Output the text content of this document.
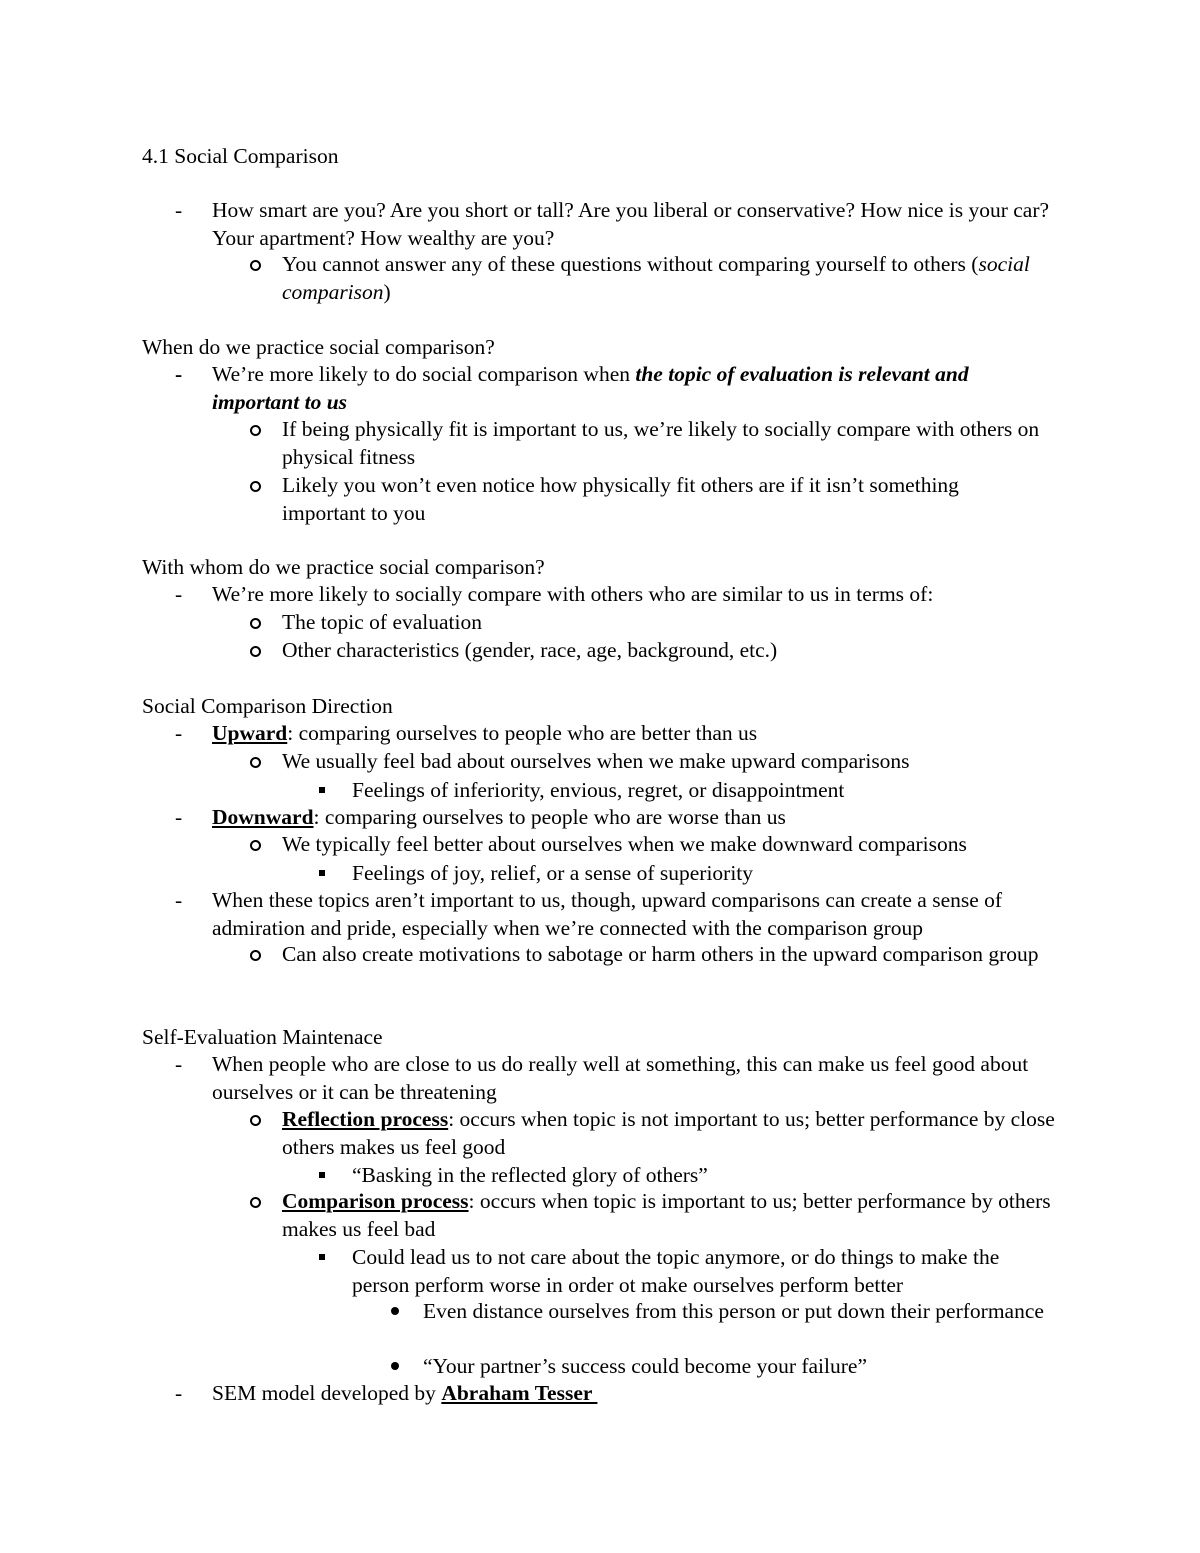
4.1 Social Comparison
-	How smart are you? Are you short or tall? Are you liberal or conservative? How nice is your car? Your apartment? How wealthy are you?
You cannot answer any of these questions without comparing yourself to others (social comparison)
When do we practice social comparison?
-	We’re more likely to do social comparison when the topic of evaluation is relevant and important to us
If being physically fit is important to us, we’re likely to socially compare with others on physical fitness
Likely you won’t even notice how physically fit others are if it isn’t something important to you
With whom do we practice social comparison?
-	We’re more likely to socially compare with others who are similar to us in terms of:
The topic of evaluation
Other characteristics (gender, race, age, background, etc.)
Social Comparison Direction
-	Upward: comparing ourselves to people who are better than us
We usually feel bad about ourselves when we make upward comparisons
Feelings of inferiority, envious, regret, or disappointment
-	Downward: comparing ourselves to people who are worse than us
We typically feel better about ourselves when we make downward comparisons
Feelings of joy, relief, or a sense of superiority
-	When these topics aren’t important to us, though, upward comparisons can create a sense of admiration and pride, especially when we’re connected with the comparison group
Can also create motivations to sabotage or harm others in the upward comparison group
Self-Evaluation Maintenace
-	When people who are close to us do really well at something, this can make us feel good about ourselves or it can be threatening
Reflection process: occurs when topic is not important to us; better performance by close others makes us feel good
“Basking in the reflected glory of others”
Comparison process: occurs when topic is important to us; better performance by others makes us feel bad
Could lead us to not care about the topic anymore, or do things to make the person perform worse in order ot make ourselves perform better
Even distance ourselves from this person or put down their performance
“Your partner’s success could become your failure”
-	SEM model developed by Abraham Tesser
